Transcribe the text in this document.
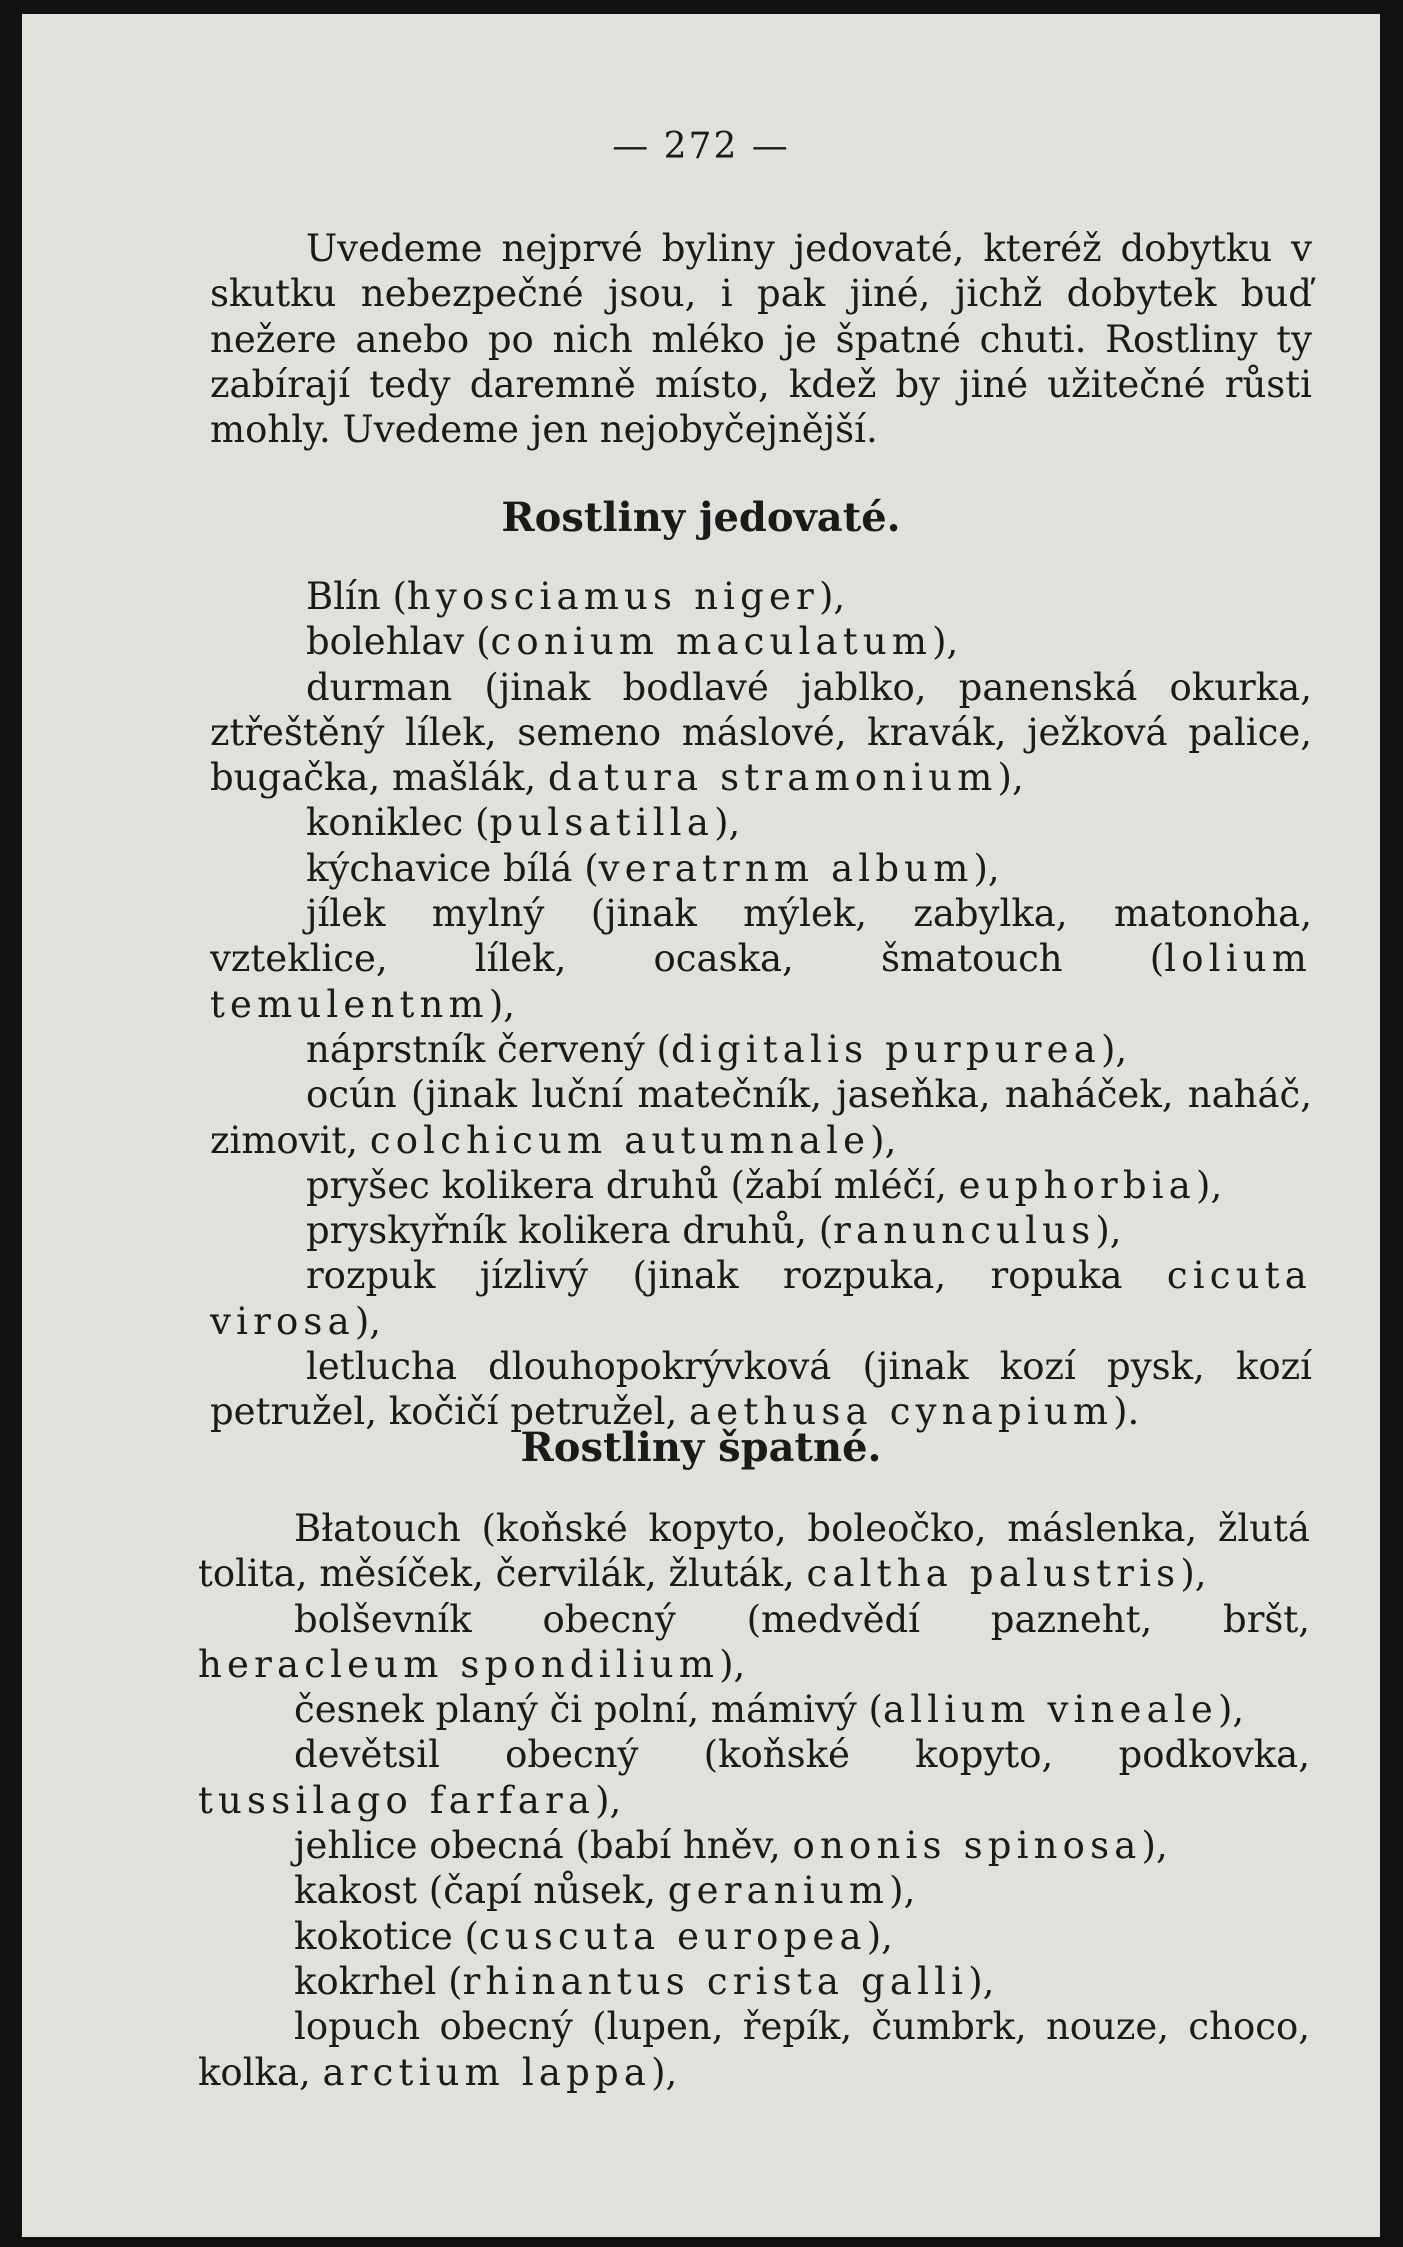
— 272 —

Uvedeme nejprvé byliny jedovaté, kteréž dobytku v skutku nebezpečné jsou, i pak jiné, jichž dobytek buď nežere anebo po nich mléko je špatné chuti. Rostliny ty zabírají tedy daremně místo, kdež by jiné užitečné růsti mohly. Uvedeme jen nejobyčejnější.

Rostliny jedovaté.

Blín (hyosciamus niger),

bolehlav (conium maculatum),

durman (jinak bodlavé jablko, panenská okurka, ztřeštěný lílek, semeno máslové, kravák, ježková palice, bugačka, mašlák, datura stramonium),

koniklec (pulsatilla),

kýchavice bílá (veratrnm album),

jílek mylný (jinak mýlek, zabylka, matonoha, vzteklice, lílek, ocaska, šmatouch (lolium temulentnm),

náprstník červený (digitalis purpurea),

ocún (jinak luční matečník, jaseňka, naháček, naháč, zimovit, colchicum autumnale),

pryšec kolikera druhů (žabí mléčí, euphorbia),

pryskyřník kolikera druhů, (ranunculus),

rozpuk jízlivý (jinak rozpuka, ropuka cicuta virosa),

letlucha dlouhopokrývková (jinak kozí pysk, kozí petružel, kočičí petružel, aethusa cynapium).

Rostliny špatné.

Błatouch (koňské kopyto, boleočko, máslenka, žlutá tolita, měsíček, červilák, žluták, caltha palustris),

bolševník obecný (medvědí pazneht, bršt, heracleum spondilium),

česnek planý či polní, mámivý (allium vineale),

devětsil obecný (koňské kopyto, podkovka, tussilago farfara),

jehlice obecná (babí hněv, ononis spinosa),

kakost (čapí nůsek, geranium),

kokotice (cuscuta europea),

kokrhel (rhinantus crista galli),

lopuch obecný (lupen, řepík, čumbrk, nouze, choco, kolka, arctium lappa),
